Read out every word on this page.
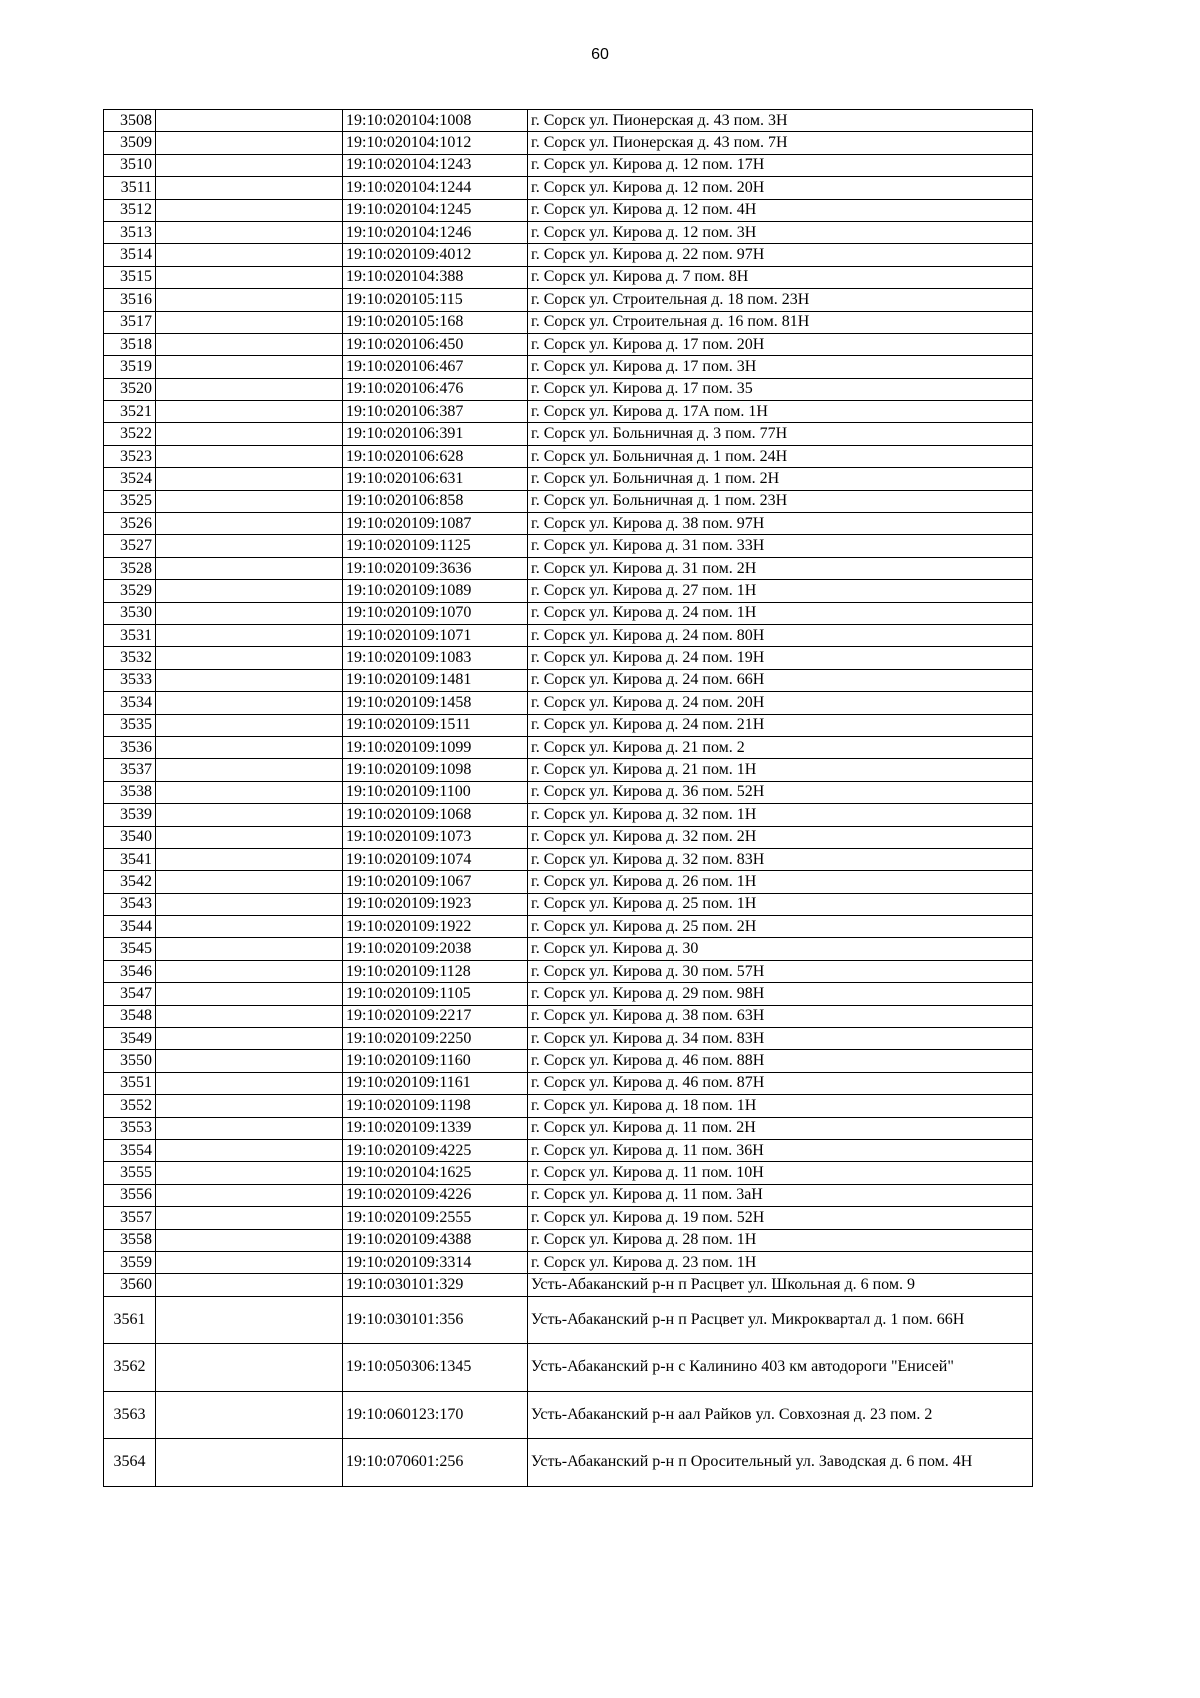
60
3508		19:10:020104:1008	г. Сорск ул. Пионерская д. 43 пом. 3Н
3509		19:10:020104:1012	г. Сорск ул. Пионерская д. 43 пом. 7Н
3510		19:10:020104:1243	г. Сорск ул. Кирова д. 12 пом. 17Н
3511		19:10:020104:1244	г. Сорск ул. Кирова д. 12 пом. 20Н
3512		19:10:020104:1245	г. Сорск ул. Кирова д. 12 пом. 4Н
3513		19:10:020104:1246	г. Сорск ул. Кирова д. 12 пом. 3Н
3514		19:10:020109:4012	г. Сорск ул. Кирова д. 22 пом. 97Н
3515		19:10:020104:388	г. Сорск ул. Кирова д. 7 пом. 8Н
3516		19:10:020105:115	г. Сорск ул. Строительная д. 18 пом. 23Н
3517		19:10:020105:168	г. Сорск ул. Строительная д. 16 пом. 81Н
3518		19:10:020106:450	г. Сорск ул. Кирова д. 17 пом. 20Н
3519		19:10:020106:467	г. Сорск ул. Кирова д. 17 пом. 3Н
3520		19:10:020106:476	г. Сорск ул. Кирова д. 17 пом. 35
3521		19:10:020106:387	г. Сорск ул. Кирова д. 17А пом. 1Н
3522		19:10:020106:391	г. Сорск ул. Больничная д. 3 пом. 77Н
3523		19:10:020106:628	г. Сорск ул. Больничная д. 1 пом. 24Н
3524		19:10:020106:631	г. Сорск ул. Больничная д. 1 пом. 2Н
3525		19:10:020106:858	г. Сорск ул. Больничная д. 1 пом. 23Н
3526		19:10:020109:1087	г. Сорск ул. Кирова д. 38 пом. 97Н
3527		19:10:020109:1125	г. Сорск ул. Кирова д. 31 пом. 33Н
3528		19:10:020109:3636	г. Сорск ул. Кирова д. 31 пом. 2Н
3529		19:10:020109:1089	г. Сорск ул. Кирова д. 27 пом. 1Н
3530		19:10:020109:1070	г. Сорск ул. Кирова д. 24 пом. 1Н
3531		19:10:020109:1071	г. Сорск ул. Кирова д. 24 пом. 80Н
3532		19:10:020109:1083	г. Сорск ул. Кирова д. 24 пом. 19Н
3533		19:10:020109:1481	г. Сорск ул. Кирова д. 24 пом. 66Н
3534		19:10:020109:1458	г. Сорск ул. Кирова д. 24 пом. 20Н
3535		19:10:020109:1511	г. Сорск ул. Кирова д. 24 пом. 21Н
3536		19:10:020109:1099	г. Сорск ул. Кирова д. 21 пом. 2
3537		19:10:020109:1098	г. Сорск ул. Кирова д. 21 пом. 1Н
3538		19:10:020109:1100	г. Сорск ул. Кирова д. 36 пом. 52Н
3539		19:10:020109:1068	г. Сорск ул. Кирова д. 32 пом. 1Н
3540		19:10:020109:1073	г. Сорск ул. Кирова д. 32 пом. 2Н
3541		19:10:020109:1074	г. Сорск ул. Кирова д. 32 пом. 83Н
3542		19:10:020109:1067	г. Сорск ул. Кирова д. 26 пом. 1Н
3543		19:10:020109:1923	г. Сорск ул. Кирова д. 25 пом. 1Н
3544		19:10:020109:1922	г. Сорск ул. Кирова д. 25 пом. 2Н
3545		19:10:020109:2038	г. Сорск ул. Кирова д. 30
3546		19:10:020109:1128	г. Сорск ул. Кирова д. 30 пом. 57Н
3547		19:10:020109:1105	г. Сорск ул. Кирова д. 29 пом. 98Н
3548		19:10:020109:2217	г. Сорск ул. Кирова д. 38 пом. 63Н
3549		19:10:020109:2250	г. Сорск ул. Кирова д. 34 пом. 83Н
3550		19:10:020109:1160	г. Сорск ул. Кирова д. 46 пом. 88Н
3551		19:10:020109:1161	г. Сорск ул. Кирова д. 46 пом. 87Н
3552		19:10:020109:1198	г. Сорск ул. Кирова д. 18 пом. 1Н
3553		19:10:020109:1339	г. Сорск ул. Кирова д. 11 пом. 2Н
3554		19:10:020109:4225	г. Сорск ул. Кирова д. 11 пом. 36Н
3555		19:10:020104:1625	г. Сорск ул. Кирова д. 11 пом. 10Н
3556		19:10:020109:4226	г. Сорск ул. Кирова д. 11 пом. 3аН
3557		19:10:020109:2555	г. Сорск ул. Кирова д. 19 пом. 52Н
3558		19:10:020109:4388	г. Сорск ул. Кирова д. 28 пом. 1Н
3559		19:10:020109:3314	г. Сорск ул. Кирова д. 23 пом. 1Н
3560		19:10:030101:329	Усть-Абаканский р-н п Расцвет ул. Школьная д. 6 пом. 9
3561		19:10:030101:356	Усть-Абаканский р-н п Расцвет ул. Микроквартал д. 1 пом. 66Н
3562		19:10:050306:1345	Усть-Абаканский р-н с Калинино 403 км автодороги "Енисей"
3563		19:10:060123:170	Усть-Абаканский р-н аал Райков ул. Совхозная д. 23 пом. 2
3564		19:10:070601:256	Усть-Абаканский р-н п Оросительный ул. Заводская д. 6 пом. 4Н
